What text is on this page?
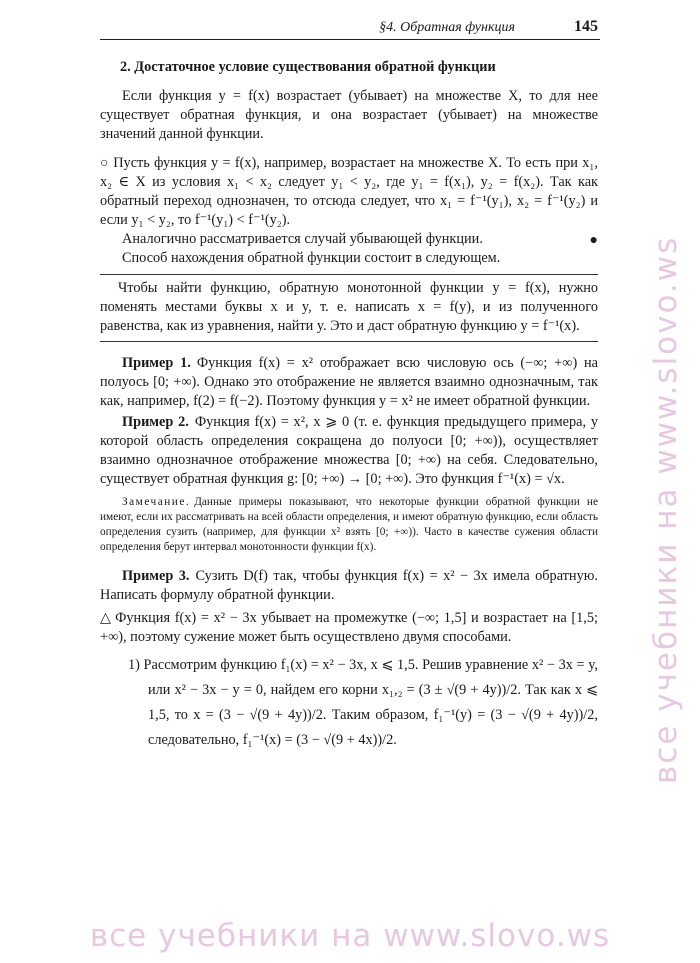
§4. Обратная функция	145
2. Достаточное условие существования обратной функции

Если функция y = f(x) возрастает (убывает) на множестве X, то для нее существует обратная функция, и она возрастает (убывает) на множестве значений данной функции.

○ Пусть функция y = f(x), например, возрастает на множестве X. То есть при x₁, x₂ ∈ X из условия x₁ < x₂ следует y₁ < y₂, где y₁ = f(x₁), y₂ = f(x₂). Так как обратный переход однозначен, то отсюда следует, что x₁ = f⁻¹(y₁), x₂ = f⁻¹(y₂) и если y₁ < y₂, то f⁻¹(y₁) < f⁻¹(y₂).

●
Аналогично рассматривается случай убывающей функции.

Способ нахождения обратной функции состоит в следующем.

Чтобы найти функцию, обратную монотонной функции y = f(x), нужно поменять местами буквы x и y, т. е. написать x = f(y), и из полученного равенства, как из уравнения, найти y. Это и даст обратную функцию y = f⁻¹(x).

Пример 1. Функция f(x) = x² отображает всю числовую ось (−∞; +∞) на полуось [0; +∞). Однако это отображение не является взаимно однозначным, так как, например, f(2) = f(−2). Поэтому функция y = x² не имеет обратной функции.

Пример 2. Функция f(x) = x², x ⩾ 0 (т. е. функция предыдущего примера, у которой область определения сокращена до полуоси [0; +∞)), осуществляет взаимно однозначное отображение множества [0; +∞) на себя. Следовательно, существует обратная функция g: [0; +∞) → [0; +∞). Это функция f⁻¹(x) = √x.

Замечание. Данные примеры показывают, что некоторые функции обратной функции не имеют, если их рассматривать на всей области определения, и имеют обратную функцию, если область определения сузить (например, для функции x² взять [0; +∞)). Часто в качестве сужения области определения берут интервал монотонности функции f(x).

Пример 3. Сузить D(f) так, чтобы функция f(x) = x² − 3x имела обратную. Написать формулу обратной функции.

△ Функция f(x) = x² − 3x убывает на промежутке (−∞; 1,5] и возрастает на [1,5; +∞), поэтому сужение может быть осуществлено двумя способами.

1) Рассмотрим функцию f₁(x) = x² − 3x, x ⩽ 1,5. Решив уравнение x² − 3x = y, или x² − 3x − y = 0, найдем его корни x₁,₂ = (3 ± √(9 + 4y))/2. Так как x ⩽ 1,5, то x = (3 − √(9 + 4y))/2. Таким образом, f₁⁻¹(y) = (3 − √(9 + 4y))/2, следовательно, f₁⁻¹(x) = (3 − √(9 + 4x))/2.	все учебники на www.slovo.ws
все учебники на www.slovo.ws
